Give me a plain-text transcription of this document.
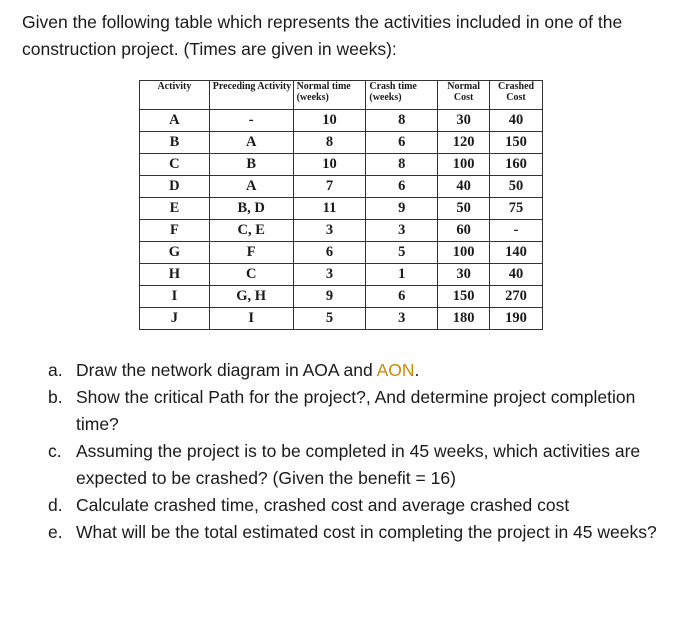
Given the following table which represents the activities included in one of the construction project. (Times are given in weeks):

Activity	Preceding Activity	Normal time (weeks)	Crash time (weeks)	Normal Cost	Crashed Cost
A	-	10	8	30	40
B	A	8	6	120	150
C	B	10	8	100	160
D	A	7	6	40	50
E	B, D	11	9	50	75
F	C, E	3	3	60	-
G	F	6	5	100	140
H	C	3	1	30	40
I	G, H	9	6	150	270
J	I	5	3	180	190
a. Draw the network diagram in AOA and AON.
b. Show the critical Path for the project?, And determine project completion time?
c. Assuming the project is to be completed in 45 weeks, which activities are expected to be crashed? (Given the benefit = 16)
d. Calculate crashed time, crashed cost and average crashed cost
e. What will be the total estimated cost in completing the project in 45 weeks?
